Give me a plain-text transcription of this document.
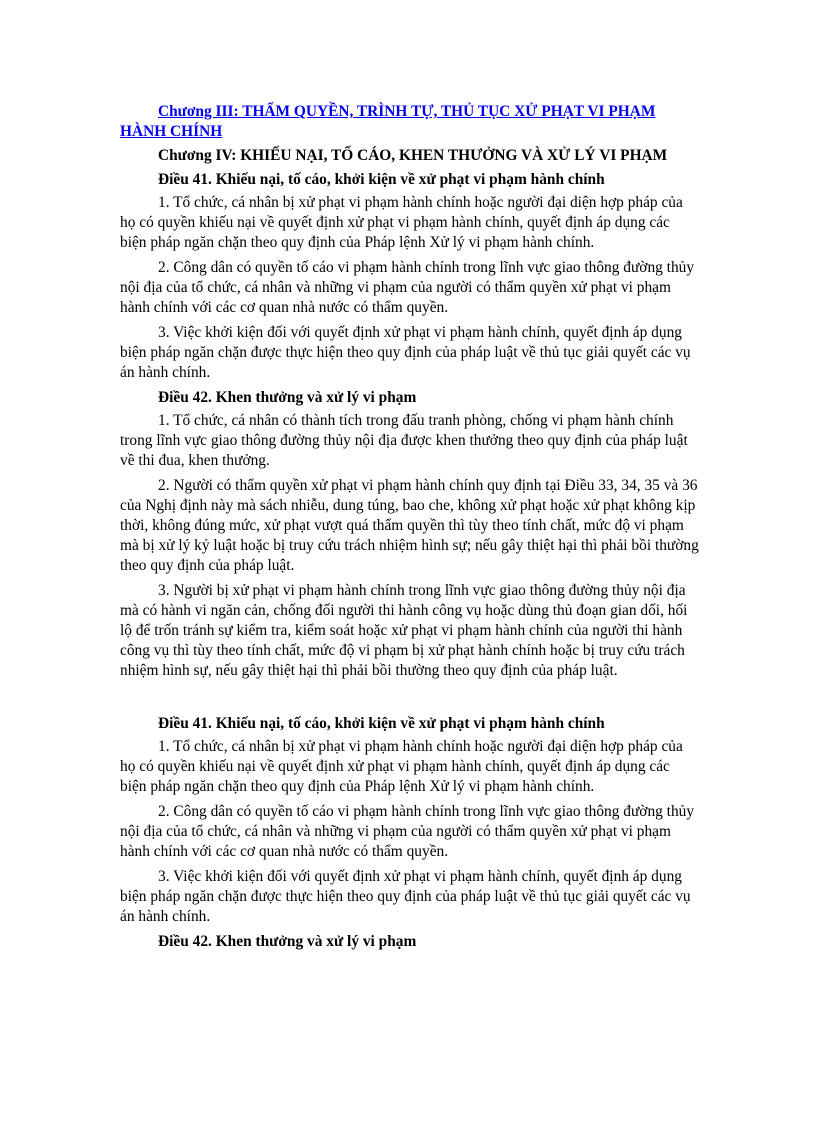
Chương III: THẨM QUYỀN, TRÌNH TỰ, THỦ TỤC XỬ PHẠT VI PHẠM HÀNH CHÍNH

Chương IV: KHIẾU NẠI, TỐ CÁO, KHEN THƯỞNG VÀ XỬ LÝ VI PHẠM

Điều 41. Khiếu nại, tố cáo, khởi kiện về xử phạt vi phạm hành chính

1. Tổ chức, cá nhân bị xử phạt vi phạm hành chính hoặc người đại diện hợp pháp của họ có quyền khiếu nại về quyết định xử phạt vi phạm hành chính, quyết định áp dụng các biện pháp ngăn chặn theo quy định của Pháp lệnh Xử lý vi phạm hành chính.

2. Công dân có quyền tố cáo vi phạm hành chính trong lĩnh vực giao thông đường thủy nội địa của tổ chức, cá nhân và những vi phạm của người có thẩm quyền xử phạt vi phạm hành chính với các cơ quan nhà nước có thẩm quyền.

3. Việc khởi kiện đối với quyết định xử phạt vi phạm hành chính, quyết định áp dụng biện pháp ngăn chặn được thực hiện theo quy định của pháp luật về thủ tục giải quyết các vụ án hành chính.

Điều 42. Khen thưởng và xử lý vi phạm

1. Tổ chức, cá nhân có thành tích trong đấu tranh phòng, chống vi phạm hành chính trong lĩnh vực giao thông đường thủy nội địa được khen thưởng theo quy định của pháp luật về thi đua, khen thưởng.

2. Người có thẩm quyền xử phạt vi phạm hành chính quy định tại Điều 33, 34, 35 và 36 của Nghị định này mà sách nhiễu, dung túng, bao che, không xử phạt hoặc xử phạt không kịp thời, không đúng mức, xử phạt vượt quá thẩm quyền thì tùy theo tính chất, mức độ vi phạm mà bị xử lý kỷ luật hoặc bị truy cứu trách nhiệm hình sự; nếu gây thiệt hại thì phải bồi thường theo quy định của pháp luật.

3. Người bị xử phạt vi phạm hành chính trong lĩnh vực giao thông đường thủy nội địa mà có hành vi ngăn cản, chống đối người thi hành công vụ hoặc dùng thủ đoạn gian dối, hối lộ để trốn tránh sự kiểm tra, kiểm soát hoặc xử phạt vi phạm hành chính của người thi hành công vụ thì tùy theo tính chất, mức độ vi phạm bị xử phạt hành chính hoặc bị truy cứu trách nhiệm hình sự, nếu gây thiệt hại thì phải bồi thường theo quy định của pháp luật.

Điều 41. Khiếu nại, tố cáo, khởi kiện về xử phạt vi phạm hành chính

1. Tổ chức, cá nhân bị xử phạt vi phạm hành chính hoặc người đại diện hợp pháp của họ có quyền khiếu nại về quyết định xử phạt vi phạm hành chính, quyết định áp dụng các biện pháp ngăn chặn theo quy định của Pháp lệnh Xử lý vi phạm hành chính.

2. Công dân có quyền tố cáo vi phạm hành chính trong lĩnh vực giao thông đường thủy nội địa của tổ chức, cá nhân và những vi phạm của người có thẩm quyền xử phạt vi phạm hành chính với các cơ quan nhà nước có thẩm quyền.

3. Việc khởi kiện đối với quyết định xử phạt vi phạm hành chính, quyết định áp dụng biện pháp ngăn chặn được thực hiện theo quy định của pháp luật về thủ tục giải quyết các vụ án hành chính.

Điều 42. Khen thưởng và xử lý vi phạm
